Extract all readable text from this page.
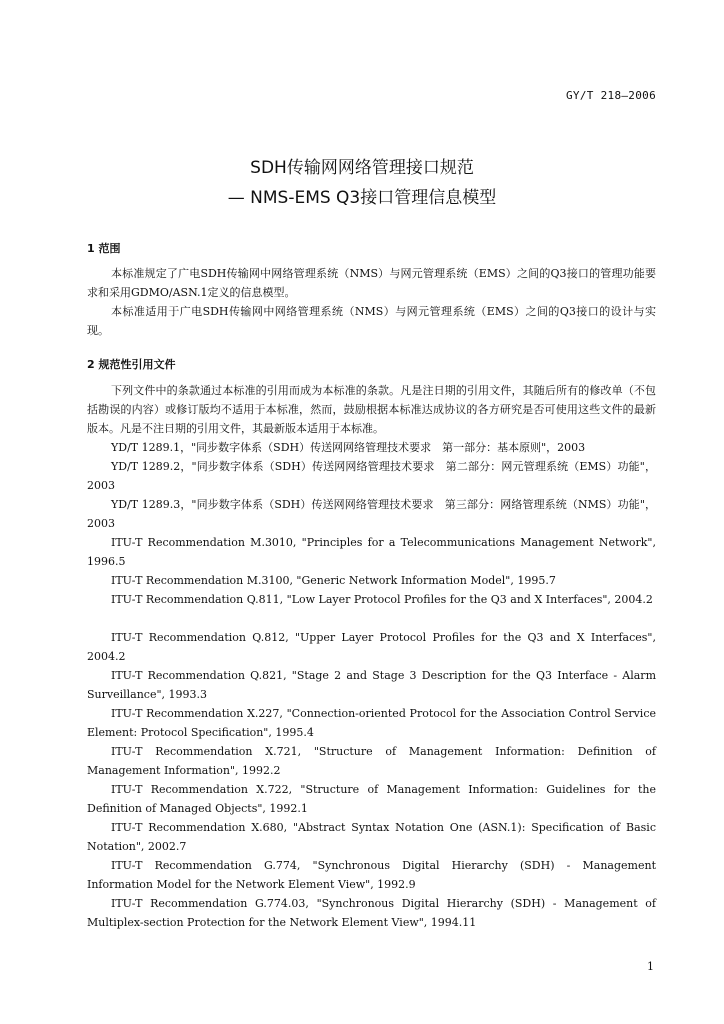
GY/T 218—2006
SDH传输网网络管理接口规范
— NMS-EMS Q3接口管理信息模型
1 范围
本标准规定了广电SDH传输网中网络管理系统（NMS）与网元管理系统（EMS）之间的Q3接口的管理功能要求和采用GDMO/ASN.1定义的信息模型。
本标准适用于广电SDH传输网中网络管理系统（NMS）与网元管理系统（EMS）之间的Q3接口的设计与实现。
2 规范性引用文件
下列文件中的条款通过本标准的引用而成为本标准的条款。凡是注日期的引用文件，其随后所有的修改单（不包括勘误的内容）或修订版均不适用于本标准，然而，鼓励根据本标准达成协议的各方研究是否可使用这些文件的最新版本。凡是不注日期的引用文件，其最新版本适用于本标准。
YD/T 1289.1，"同步数字体系（SDH）传送网网络管理技术要求　第一部分：基本原则"，2003
YD/T 1289.2，"同步数字体系（SDH）传送网网络管理技术要求　第二部分：网元管理系统（EMS）功能"，2003
YD/T 1289.3，"同步数字体系（SDH）传送网网络管理技术要求　第三部分：网络管理系统（NMS）功能"，2003
ITU-T Recommendation M.3010, "Principles for a Telecommunications Management Network", 1996.5
ITU-T Recommendation M.3100, "Generic Network Information Model", 1995.7
ITU-T Recommendation Q.811, "Low Layer Protocol Profiles for the Q3 and X Interfaces", 2004.2
ITU-T Recommendation Q.812, "Upper Layer Protocol Profiles for the Q3 and X Interfaces", 2004.2
ITU-T Recommendation Q.821, "Stage 2 and Stage 3 Description for the Q3 Interface - Alarm Surveillance", 1993.3
ITU-T Recommendation X.227, "Connection-oriented Protocol for the Association Control Service Element: Protocol Specification", 1995.4
ITU-T Recommendation X.721, "Structure of Management Information: Definition of Management Information", 1992.2
ITU-T Recommendation X.722, "Structure of Management Information: Guidelines for the Definition of Managed Objects", 1992.1
ITU-T Recommendation X.680, "Abstract Syntax Notation One (ASN.1): Specification of Basic Notation", 2002.7
ITU-T Recommendation G.774, "Synchronous Digital Hierarchy (SDH) - Management Information Model for the Network Element View", 1992.9
ITU-T Recommendation G.774.03, "Synchronous Digital Hierarchy (SDH) - Management of Multiplex-section Protection for the Network Element View", 1994.11
1
